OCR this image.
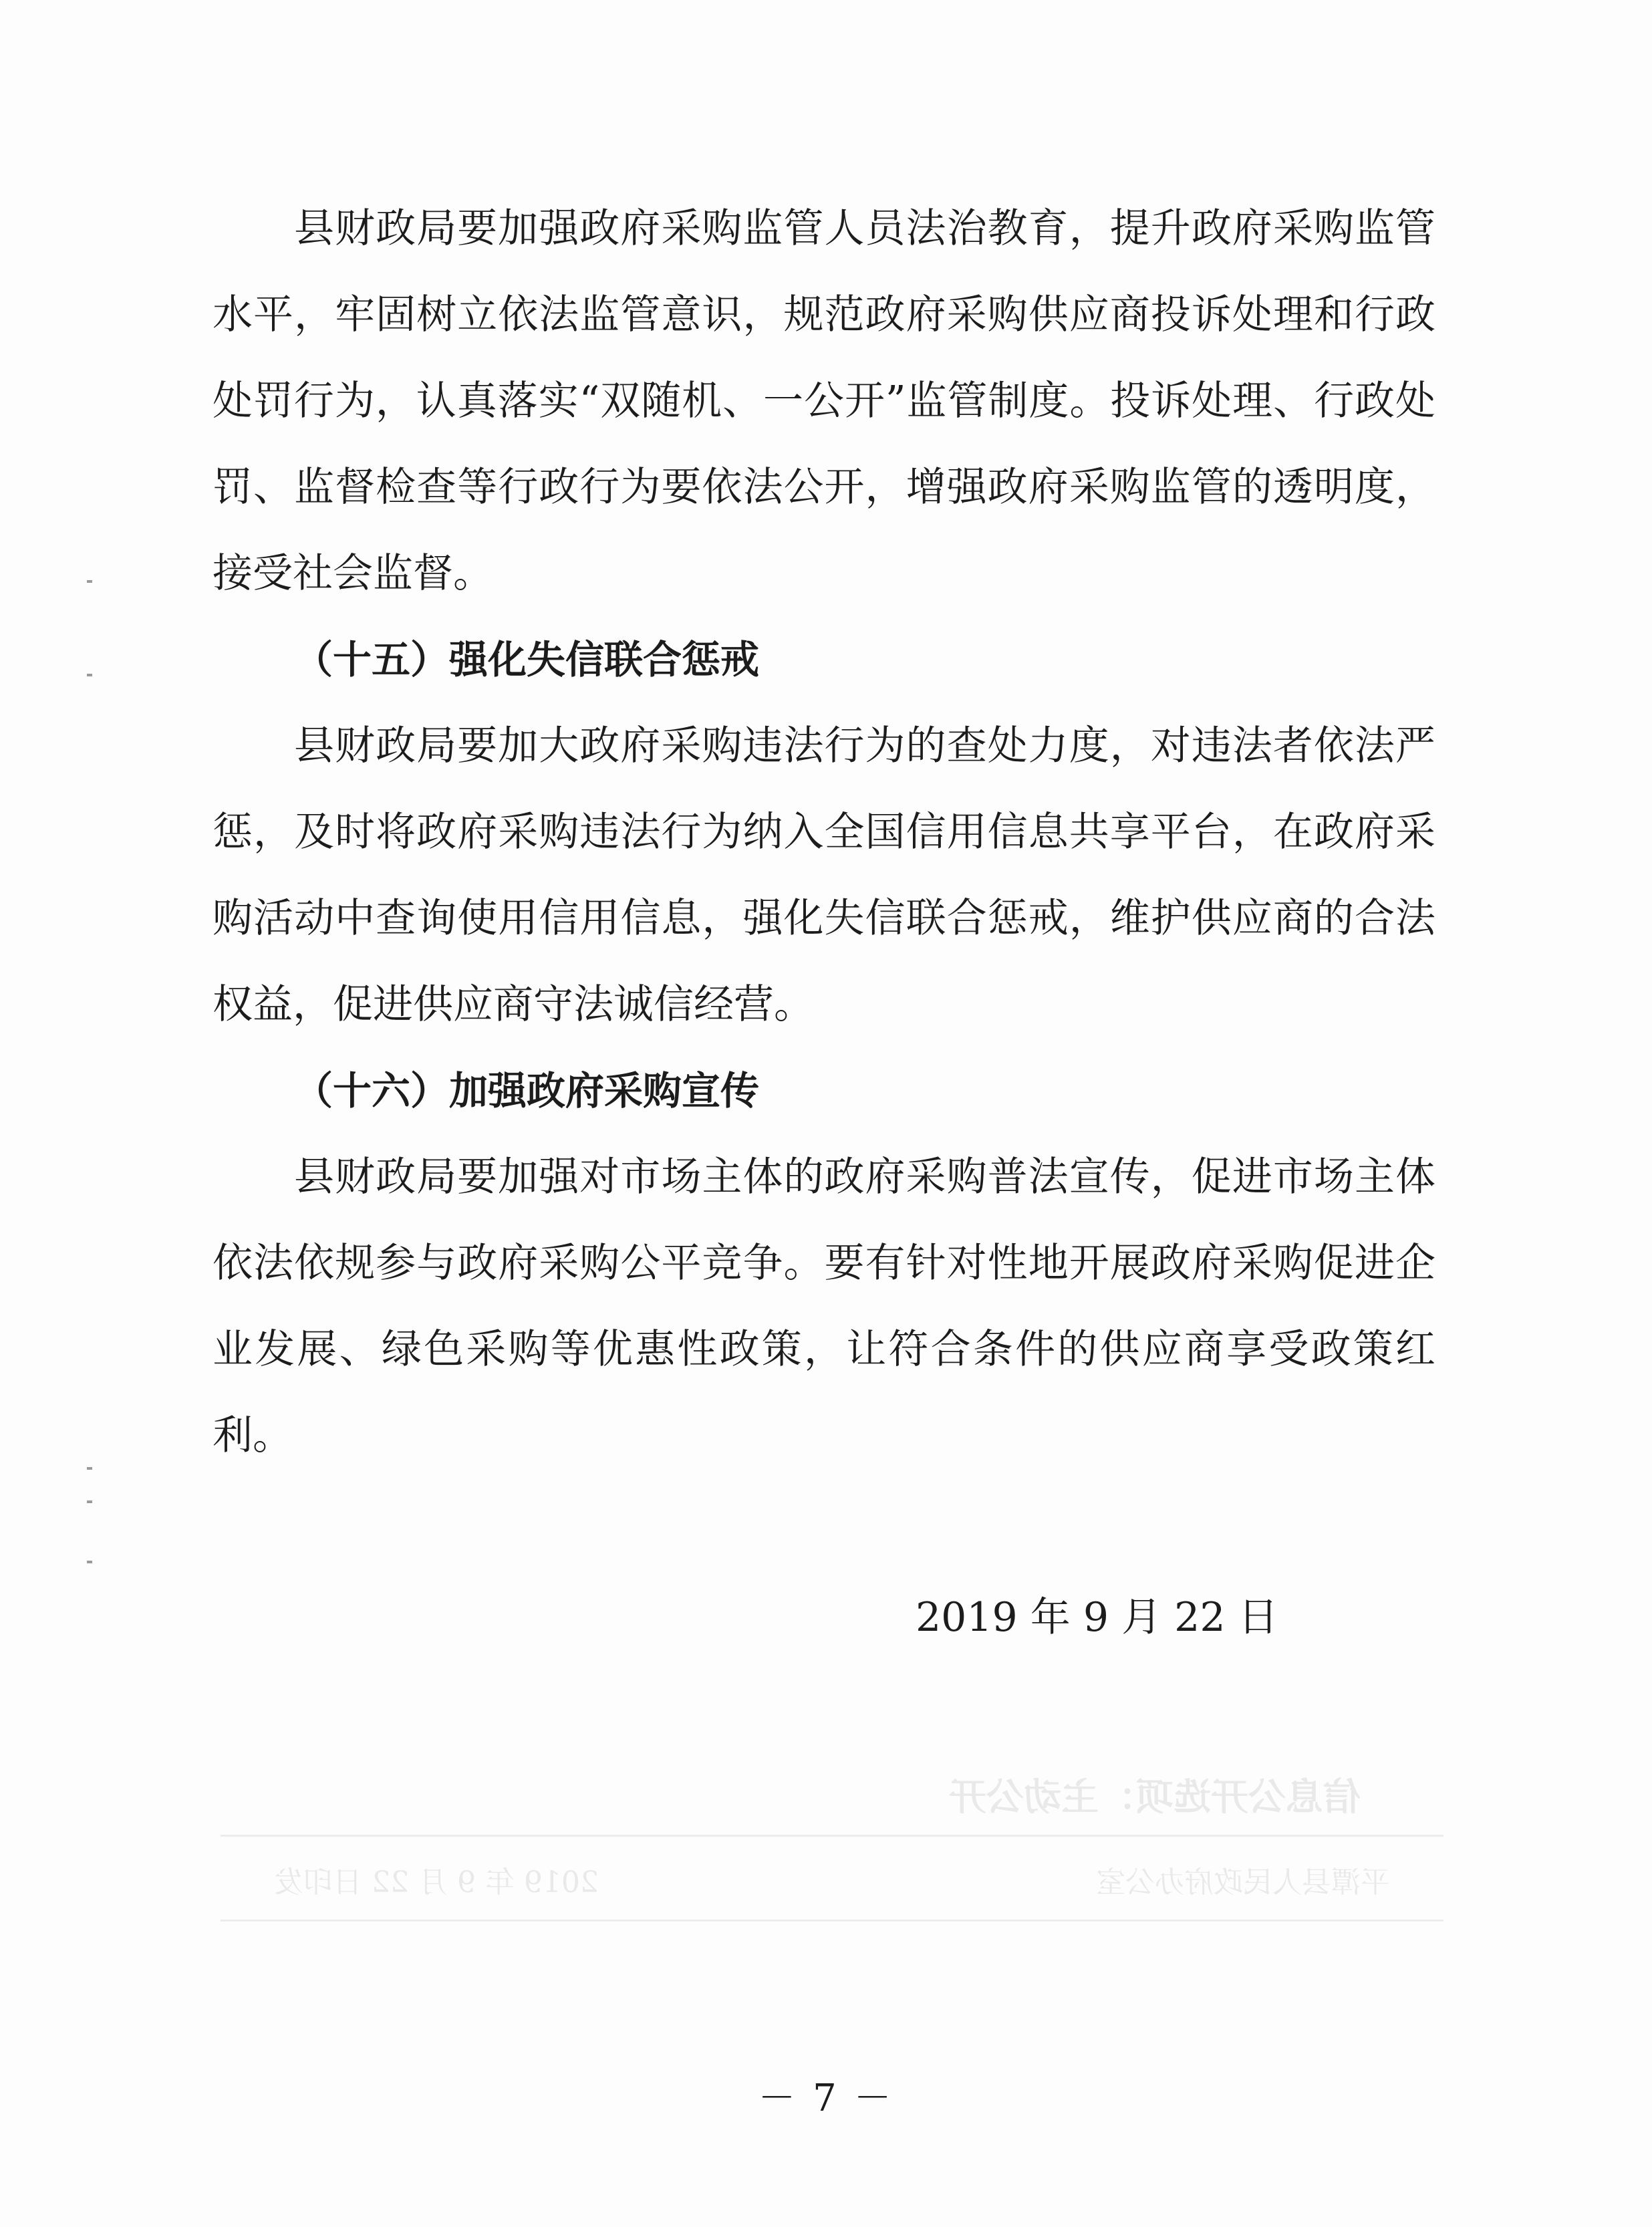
县财政局要加强政府采购监管人员法治教育，提升政府采购监管水平，牢固树立依法监管意识，规范政府采购供应商投诉处理和行政处罚行为，认真落实“双随机、一公开”监管制度。投诉处理、行政处罚、监督检查等行政行为要依法公开，增强政府采购监管的透明度，接受社会监督。

（十五）强化失信联合惩戒

县财政局要加大政府采购违法行为的查处力度，对违法者依法严惩，及时将政府采购违法行为纳入全国信用信息共享平台，在政府采购活动中查询使用信用信息，强化失信联合惩戒，维护供应商的合法权益，促进供应商守法诚信经营。

（十六）加强政府采购宣传

县财政局要加强对市场主体的政府采购普法宣传，促进市场主体依法依规参与政府采购公平竞争。要有针对性地开展政府采购促进企业发展、绿色采购等优惠性政策，让符合条件的供应商享受政策红利。

2019 年 9 月 22 日
信息公开选项：主动公开
平潭县人民政府办公室
2019 年 9 月 22 日印发
－ 7 －
